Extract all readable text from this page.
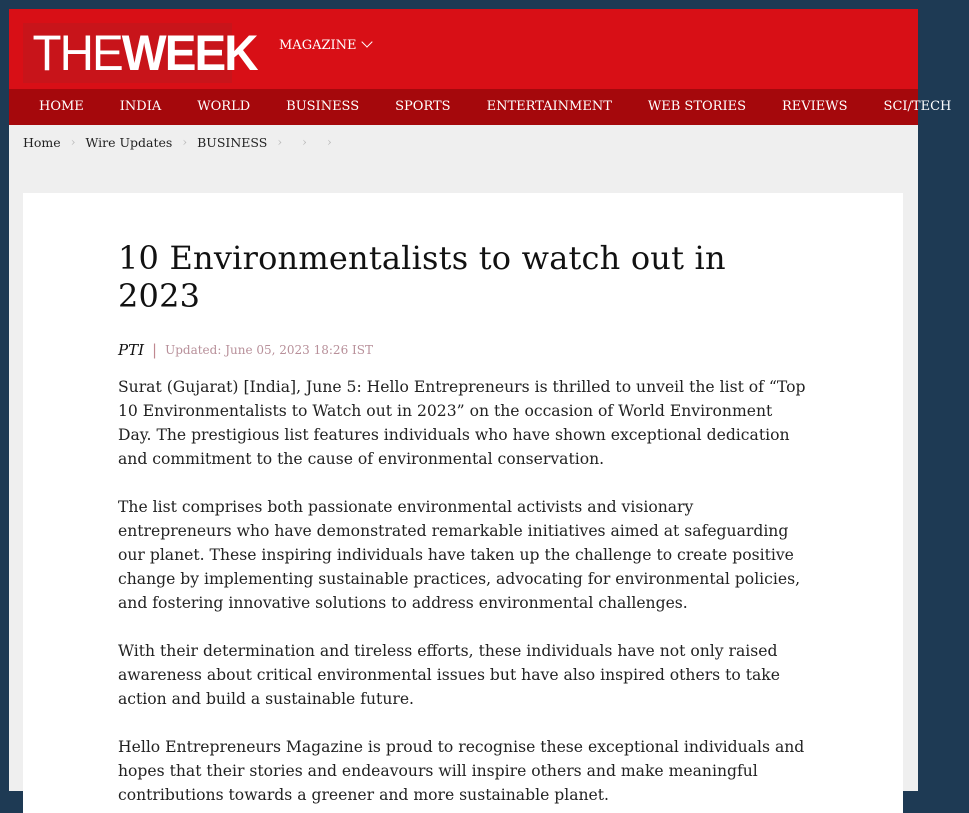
THEWEEK MAGAZINE
HOME	INDIA	WORLD	BUSINESS	SPORTS	ENTERTAINMENT	WEB STORIES	REVIEWS	SCI/TECH
Home › Wire Updates › BUSINESS › › ›
10 Environmentalists to watch out in 2023
PTI | Updated: June 05, 2023 18:26 IST

Surat (Gujarat) [India], June 5: Hello Entrepreneurs is thrilled to unveil the list of “Top 10 Environmentalists to Watch out in 2023” on the occasion of World Environment Day. The prestigious list features individuals who have shown exceptional dedication and commitment to the cause of environmental conservation.

The list comprises both passionate environmental activists and visionary entrepreneurs who have demonstrated remarkable initiatives aimed at safeguarding our planet. These inspiring individuals have taken up the challenge to create positive change by implementing sustainable practices, advocating for environmental policies, and fostering innovative solutions to address environmental challenges.

With their determination and tireless efforts, these individuals have not only raised awareness about critical environmental issues but have also inspired others to take action and build a sustainable future.

Hello Entrepreneurs Magazine is proud to recognise these exceptional individuals and hopes that their stories and endeavours will inspire others and make meaningful contributions towards a greener and more sustainable planet.
